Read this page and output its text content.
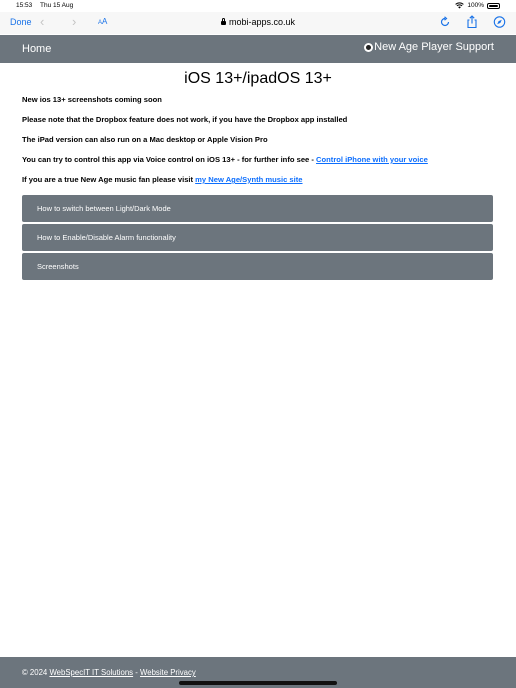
15:53 Thu 15 Aug	100%
Done ‹ ›	AA	mobi-apps.co.uk
Home	New Age Player Support
iOS 13+/ipadOS 13+
New ios 13+ screenshots coming soon
Please note that the Dropbox feature does not work, if you have the Dropbox app installed
The iPad version can also run on a Mac desktop or Apple Vision Pro
You can try to control this app via Voice control on iOS 13+ - for further info see - Control iPhone with your voice
If you are a true New Age music fan please visit my New Age/Synth music site
How to switch between Light/Dark Mode
How to Enable/Disable Alarm functionality
Screenshots
© 2024 WebSpecIT IT Solutions - Website Privacy
